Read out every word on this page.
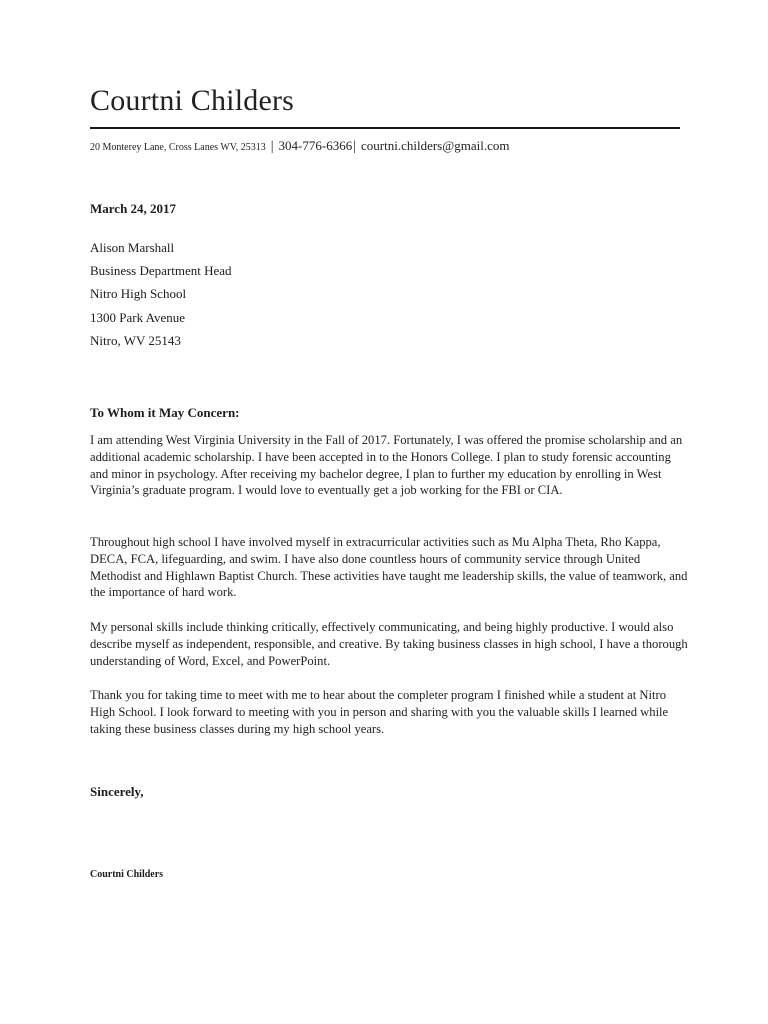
Courtni Childers
20 Monterey Lane, Cross Lanes WV, 25313 | 304-776-6366| courtni.childers@gmail.com
March 24, 2017
Alison Marshall
Business Department Head
Nitro High School
1300 Park Avenue
Nitro, WV 25143
To Whom it May Concern:
I am attending West Virginia University in the Fall of 2017. Fortunately, I was offered the promise scholarship and an additional academic scholarship. I have been accepted in to the Honors College. I plan to study forensic accounting and minor in psychology. After receiving my bachelor degree, I plan to further my education by enrolling in West Virginia’s graduate program. I would love to eventually get a job working for the FBI or CIA.
Throughout high school I have involved myself in extracurricular activities such as Mu Alpha Theta, Rho Kappa, DECA, FCA, lifeguarding, and swim. I have also done countless hours of community service through United Methodist and Highlawn Baptist Church. These activities have taught me leadership skills, the value of teamwork, and the importance of hard work.
My personal skills include thinking critically, effectively communicating, and being highly productive. I would also describe myself as independent, responsible, and creative. By taking business classes in high school, I have a thorough understanding of Word, Excel, and PowerPoint.
Thank you for taking time to meet with me to hear about the completer program I finished while a student at Nitro High School. I look forward to meeting with you in person and sharing with you the valuable skills I learned while taking these business classes during my high school years.
Sincerely,
Courtni Childers
